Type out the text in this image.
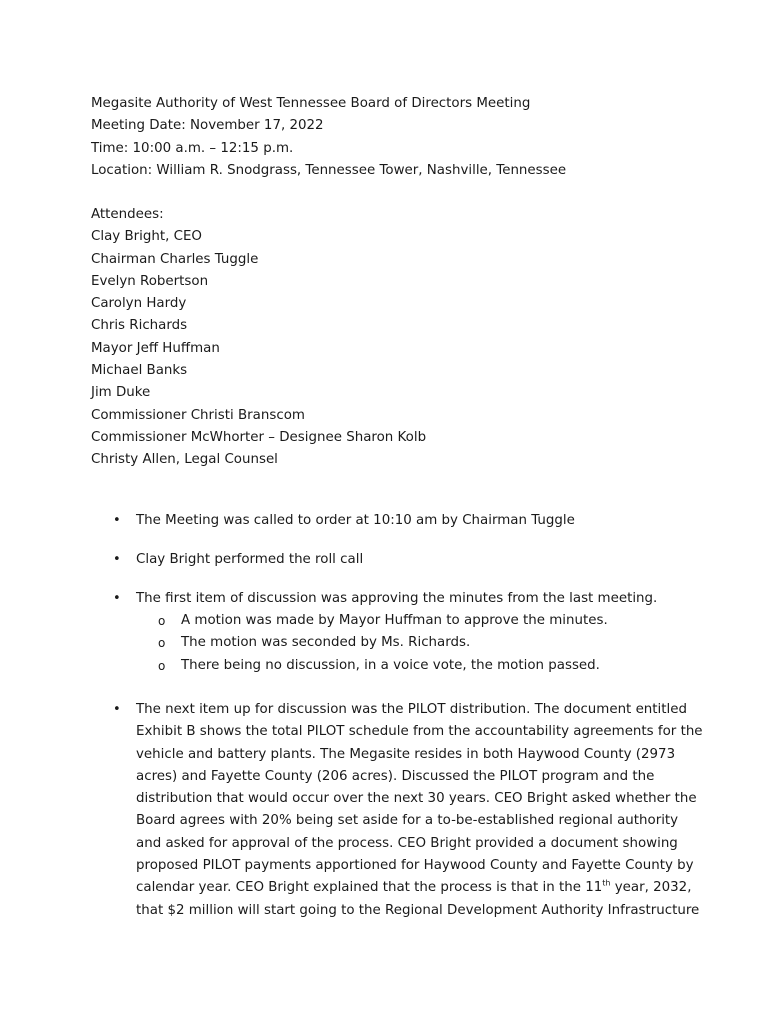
Megasite Authority of West Tennessee Board of Directors Meeting

Meeting Date: November 17, 2022

Time: 10:00 a.m. – 12:15 p.m.

Location: William R. Snodgrass, Tennessee Tower, Nashville, Tennessee

Attendees:

Clay Bright, CEO

Chairman Charles Tuggle

Evelyn Robertson

Carolyn Hardy

Chris Richards

Mayor Jeff Huffman

Michael Banks

Jim Duke

Commissioner Christi Branscom

Commissioner McWhorter – Designee Sharon Kolb

Christy Allen, Legal Counsel

• The Meeting was called to order at 10:10 am by Chairman Tuggle
• Clay Bright performed the roll call
• The first item of discussion was approving the minutes from the last meeting.
o A motion was made by Mayor Huffman to approve the minutes.
o The motion was seconded by Ms. Richards.
o There being no discussion, in a voice vote, the motion passed.
• The next item up for discussion was the PILOT distribution. The document entitled
Exhibit B shows the total PILOT schedule from the accountability agreements for the
vehicle and battery plants. The Megasite resides in both Haywood County (2973
acres) and Fayette County (206 acres). Discussed the PILOT program and the
distribution that would occur over the next 30 years. CEO Bright asked whether the
Board agrees with 20% being set aside for a to-be-established regional authority
and asked for approval of the process. CEO Bright provided a document showing
proposed PILOT payments apportioned for Haywood County and Fayette County by
calendar year. CEO Bright explained that the process is that in the 11th year, 2032,
that $2 million will start going to the Regional Development Authority Infrastructure
